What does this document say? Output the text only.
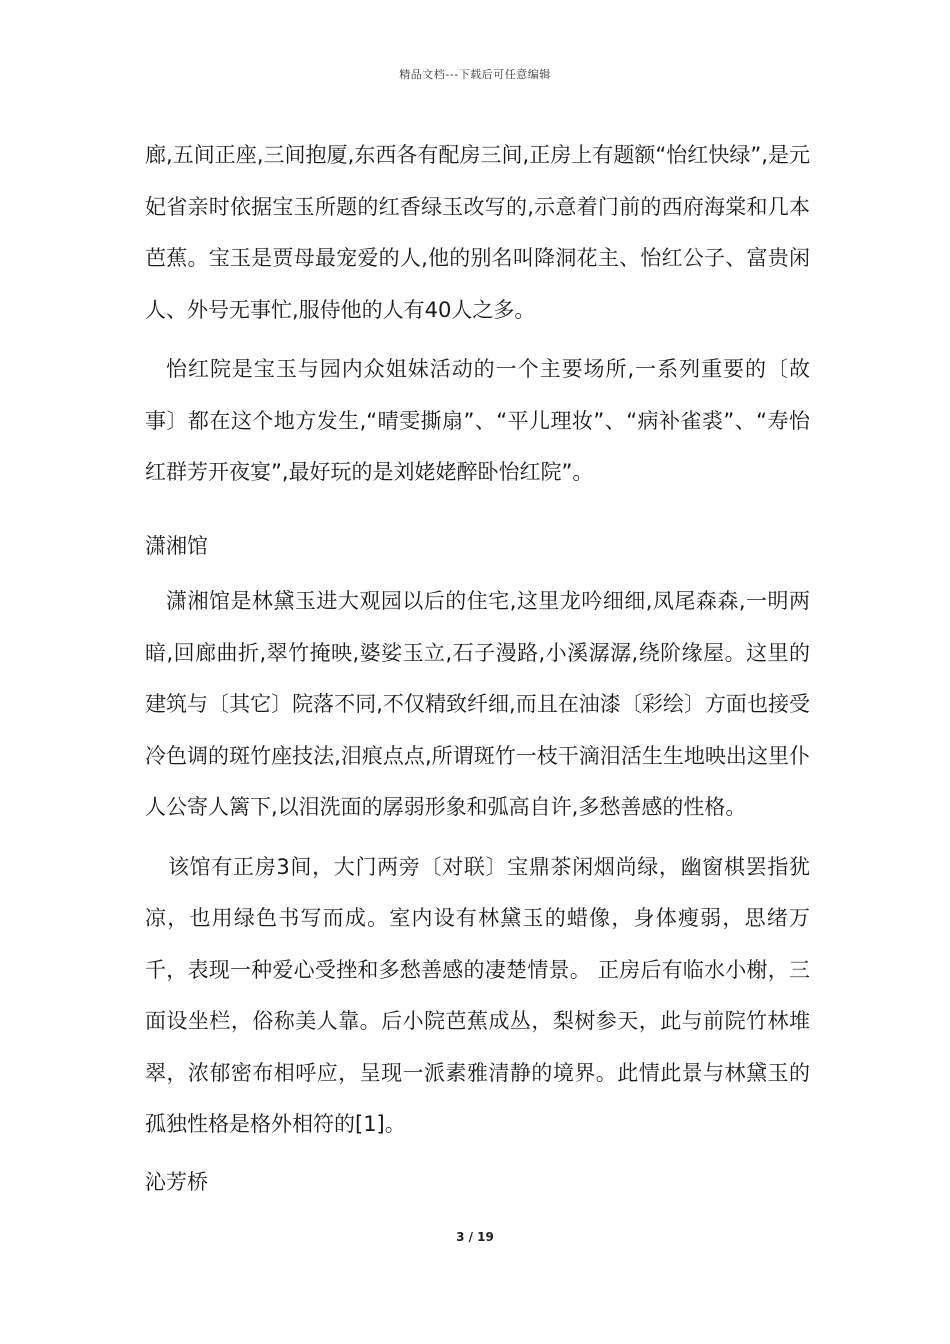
精品文档---下载后可任意编辑

廊,五间正座,三间抱厦,东西各有配房三间,正房上有题额“怡红快绿”,是元妃省亲时依据宝玉所题的红香绿玉改写的,示意着门前的西府海棠和几本芭蕉。宝玉是贾母最宠爱的人,他的别名叫降洞花主、怡红公子、富贵闲人、外号无事忙,服侍他的人有40人之多。

怡红院是宝玉与园内众姐妹活动的一个主要场所,一系列重要的〔故事〕都在这个地方发生,“晴雯撕扇”、“平儿理妆”、“病补雀裘”、“寿怡红群芳开夜宴”,最好玩的是刘姥姥醉卧怡红院”。

潇湘馆

潇湘馆是林黛玉进大观园以后的住宅,这里龙吟细细,凤尾森森,一明两暗,回廊曲折,翠竹掩映,婆娑玉立,石子漫路,小溪潺潺,绕阶缘屋。这里的建筑与〔其它〕院落不同,不仅精致纤细,而且在油漆〔彩绘〕方面也接受冷色调的斑竹座技法,泪痕点点,所谓斑竹一枝干滴泪活生生地映出这里仆人公寄人篱下,以泪洗面的孱弱形象和弧高自许,多愁善感的性格。

该馆有正房3间，大门两旁〔对联〕宝鼎茶闲烟尚绿，幽窗棋罢指犹凉，也用绿色书写而成。室内设有林黛玉的蜡像，身体瘦弱，思绪万千，表现一种爱心受挫和多愁善感的凄楚情景。 正房后有临水小榭，三面设坐栏，俗称美人靠。后小院芭蕉成丛，梨树参天，此与前院竹林堆翠，浓郁密布相呼应，呈现一派素雅清静的境界。此情此景与林黛玉的孤独性格是格外相符的[1]。

沁芳桥

3 / 19
